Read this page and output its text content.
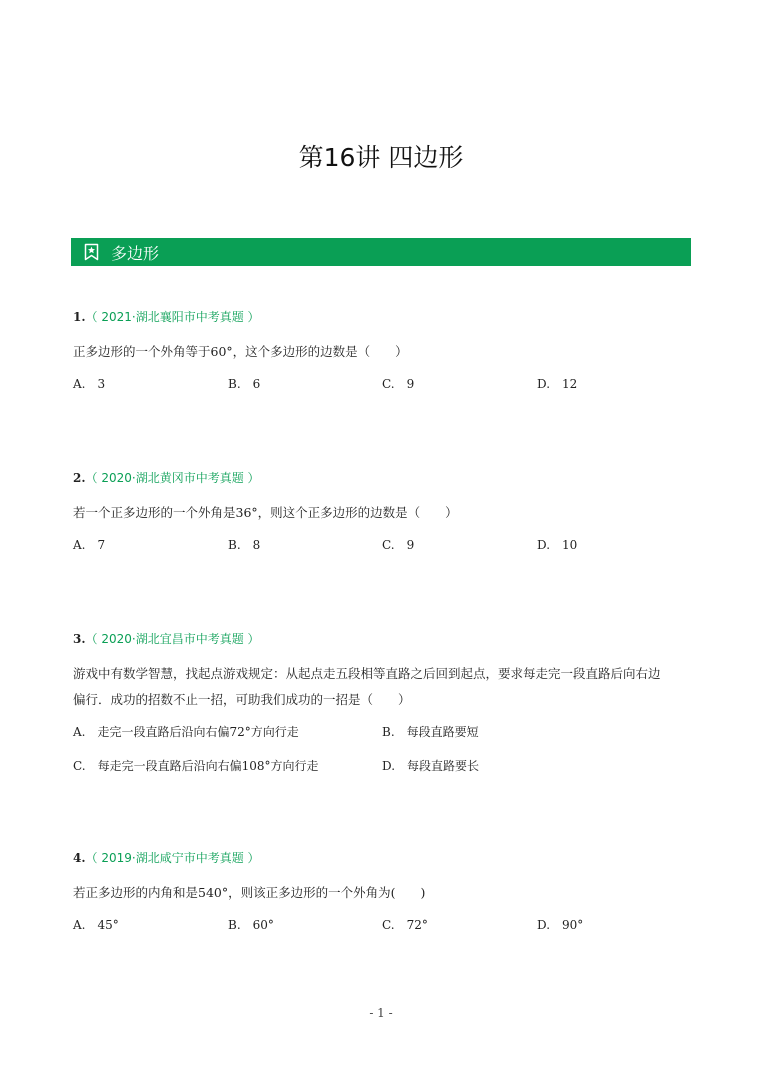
第16讲 四边形
多边形
1.（ 2021·湖北襄阳市中考真题 ）
正多边形的一个外角等于60°，这个多边形的边数是（　　）
A. 3	B. 6	C. 9	D. 12
2.（ 2020·湖北黄冈市中考真题 ）
若一个正多边形的一个外角是36°，则这个正多边形的边数是（　　）
A. 7	B. 8	C. 9	D. 10
3.（ 2020·湖北宜昌市中考真题 ）
游戏中有数学智慧，找起点游戏规定：从起点走五段相等直路之后回到起点，要求每走完一段直路后向右边
偏行．成功的招数不止一招，可助我们成功的一招是（　　）
A. 走完一段直路后沿向右偏72°方向行走	B. 每段直路要短
C. 每走完一段直路后沿向右偏108°方向行走	D. 每段直路要长
4.（ 2019·湖北咸宁市中考真题 ）
若正多边形的内角和是540°，则该正多边形的一个外角为(　　)
A. 45°	B. 60°	C. 72°	D. 90°
- 1 -
